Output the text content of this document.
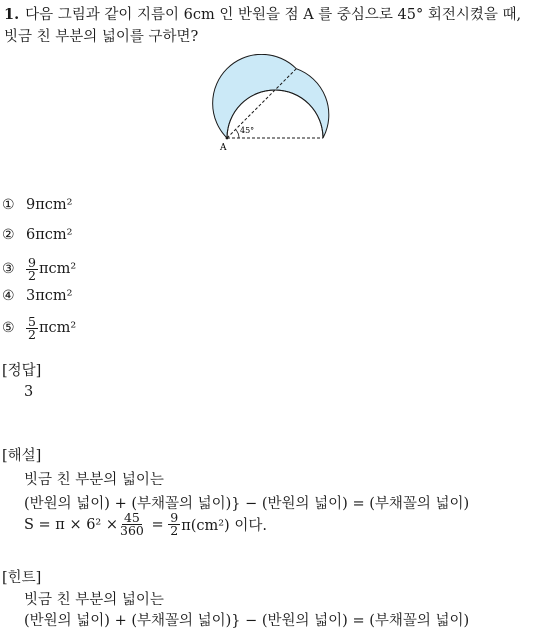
1. 다음 그림과 같이 지름이 6cm 인 반원을 점 A 를 중심으로 45° 회전시켰을 때, 빗금 친 부분의 넓이를 구하면?
45°
A
① 9πcm²
② 6πcm²
③ $\frac{9}{2} \pi cm^2$
④ 3πcm²
⑤ $\frac{5}{2} \pi cm^2$
[정답]
3
[해설]
빗금 친 부분의 넓이는
(반원의 넓이) + (부채꼴의 넓이)} − (반원의 넓이) = (부채꼴의 넓이)
$S = \pi \times 6^2 \times \frac{45}{360} = \frac{9}{2} \pi(cm^2)$ 이다.
[힌트]
빗금 친 부분의 넓이는
(반원의 넓이) + (부채꼴의 넓이)} − (반원의 넓이) = (부채꼴의 넓이)
